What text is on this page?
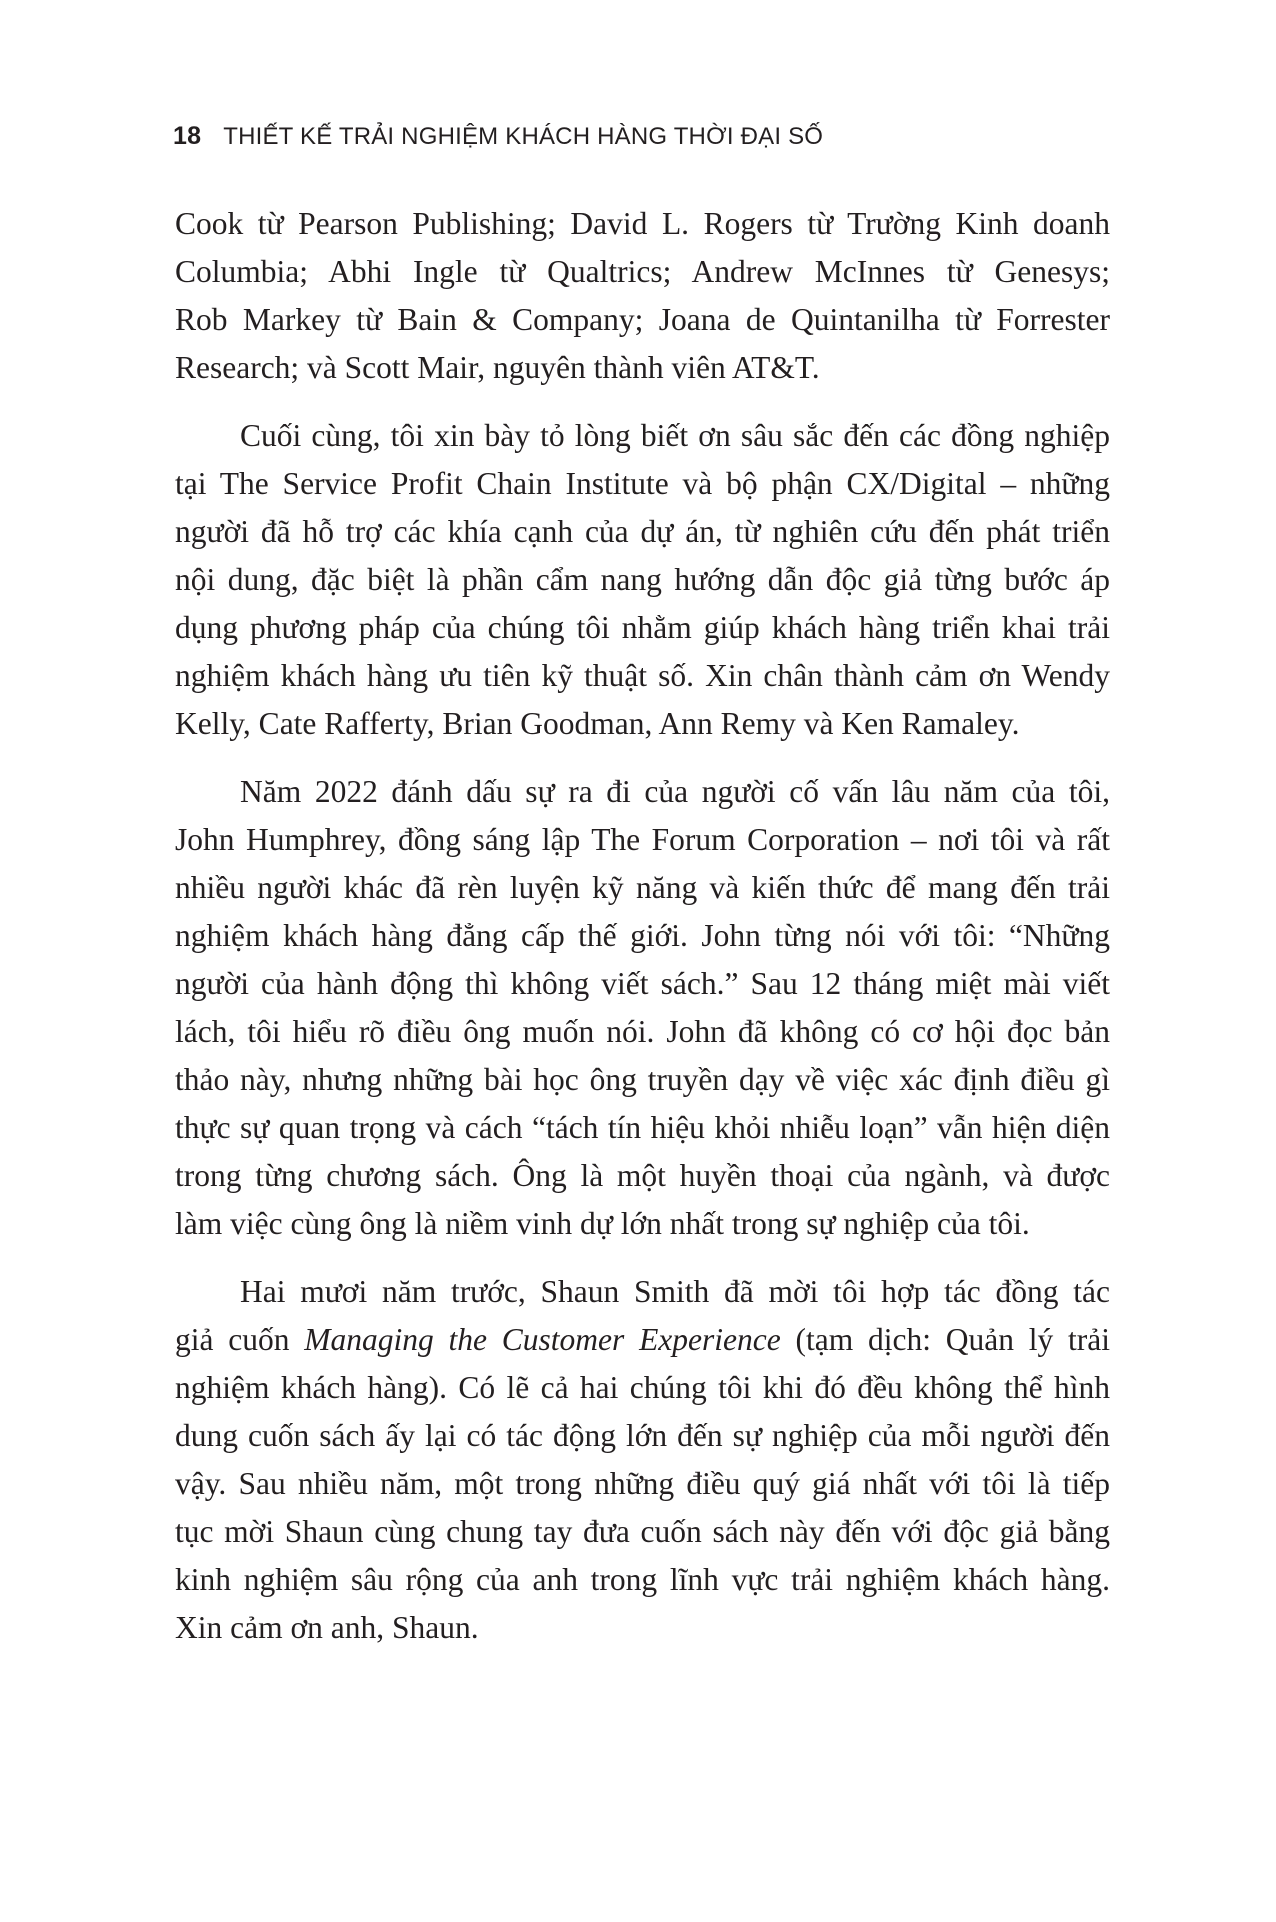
18 THIẾT KẾ TRẢI NGHIỆM KHÁCH HÀNG THỜI ĐẠI SỐ

Cook từ Pearson Publishing; David L. Rogers từ Trường Kinh doanh
Columbia; Abhi Ingle từ Qualtrics; Andrew McInnes từ Genesys;
Rob Markey từ Bain & Company; Joana de Quintanilha từ Forrester
Research; và Scott Mair, nguyên thành viên AT&T.

Cuối cùng, tôi xin bày tỏ lòng biết ơn sâu sắc đến các đồng nghiệp
tại The Service Profit Chain Institute và bộ phận CX/Digital – những
người đã hỗ trợ các khía cạnh của dự án, từ nghiên cứu đến phát triển
nội dung, đặc biệt là phần cẩm nang hướng dẫn độc giả từng bước áp
dụng phương pháp của chúng tôi nhằm giúp khách hàng triển khai trải
nghiệm khách hàng ưu tiên kỹ thuật số. Xin chân thành cảm ơn Wendy
Kelly, Cate Rafferty, Brian Goodman, Ann Remy và Ken Ramaley.

Năm 2022 đánh dấu sự ra đi của người cố vấn lâu năm của tôi,
John Humphrey, đồng sáng lập The Forum Corporation – nơi tôi và rất
nhiều người khác đã rèn luyện kỹ năng và kiến thức để mang đến trải
nghiệm khách hàng đẳng cấp thế giới. John từng nói với tôi: “Những
người của hành động thì không viết sách.” Sau 12 tháng miệt mài viết
lách, tôi hiểu rõ điều ông muốn nói. John đã không có cơ hội đọc bản
thảo này, nhưng những bài học ông truyền dạy về việc xác định điều gì
thực sự quan trọng và cách “tách tín hiệu khỏi nhiễu loạn” vẫn hiện diện
trong từng chương sách. Ông là một huyền thoại của ngành, và được
làm việc cùng ông là niềm vinh dự lớn nhất trong sự nghiệp của tôi.

Hai mươi năm trước, Shaun Smith đã mời tôi hợp tác đồng tác
giả cuốn Managing the Customer Experience (tạm dịch: Quản lý trải
nghiệm khách hàng). Có lẽ cả hai chúng tôi khi đó đều không thể hình
dung cuốn sách ấy lại có tác động lớn đến sự nghiệp của mỗi người đến
vậy. Sau nhiều năm, một trong những điều quý giá nhất với tôi là tiếp
tục mời Shaun cùng chung tay đưa cuốn sách này đến với độc giả bằng
kinh nghiệm sâu rộng của anh trong lĩnh vực trải nghiệm khách hàng.
Xin cảm ơn anh, Shaun.
